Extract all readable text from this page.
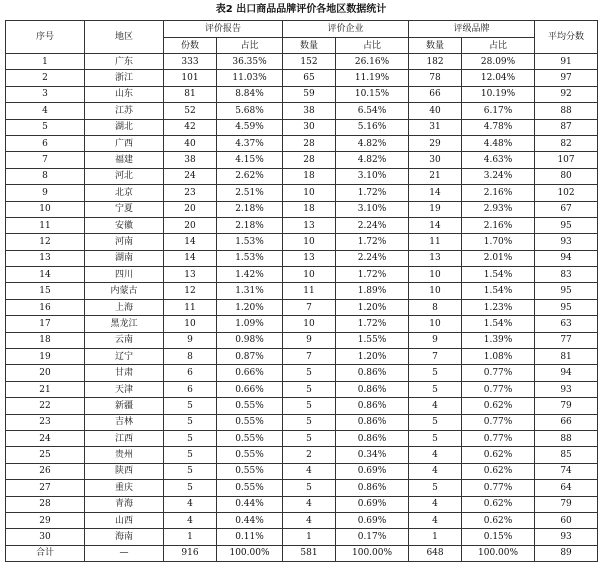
表2 出口商品品牌评价各地区数据统计
序号	地区	评价报告		评价企业		评级品牌		平均分数
		份数	占比	数量	占比	数量	占比	
1	广东	333	36.35%	152	26.16%	182	28.09%	91
2	浙江	101	11.03%	65	11.19%	78	12.04%	97
3	山东	81	8.84%	59	10.15%	66	10.19%	92
4	江苏	52	5.68%	38	6.54%	40	6.17%	88
5	湖北	42	4.59%	30	5.16%	31	4.78%	87
6	广西	40	4.37%	28	4.82%	29	4.48%	82
7	福建	38	4.15%	28	4.82%	30	4.63%	107
8	河北	24	2.62%	18	3.10%	21	3.24%	80
9	北京	23	2.51%	10	1.72%	14	2.16%	102
10	宁夏	20	2.18%	18	3.10%	19	2.93%	67
11	安徽	20	2.18%	13	2.24%	14	2.16%	95
12	河南	14	1.53%	10	1.72%	11	1.70%	93
13	湖南	14	1.53%	13	2.24%	13	2.01%	94
14	四川	13	1.42%	10	1.72%	10	1.54%	83
15	内蒙古	12	1.31%	11	1.89%	10	1.54%	95
16	上海	11	1.20%	7	1.20%	8	1.23%	95
17	黑龙江	10	1.09%	10	1.72%	10	1.54%	63
18	云南	9	0.98%	9	1.55%	9	1.39%	77
19	辽宁	8	0.87%	7	1.20%	7	1.08%	81
20	甘肃	6	0.66%	5	0.86%	5	0.77%	94
21	天津	6	0.66%	5	0.86%	5	0.77%	93
22	新疆	5	0.55%	5	0.86%	4	0.62%	79
23	吉林	5	0.55%	5	0.86%	5	0.77%	66
24	江西	5	0.55%	5	0.86%	5	0.77%	88
25	贵州	5	0.55%	2	0.34%	4	0.62%	85
26	陕西	5	0.55%	4	0.69%	4	0.62%	74
27	重庆	5	0.55%	5	0.86%	5	0.77%	64
28	青海	4	0.44%	4	0.69%	4	0.62%	79
29	山西	4	0.44%	4	0.69%	4	0.62%	60
30	海南	1	0.11%	1	0.17%	1	0.15%	93
合计	—	916	100.00%	581	100.00%	648	100.00%	89
